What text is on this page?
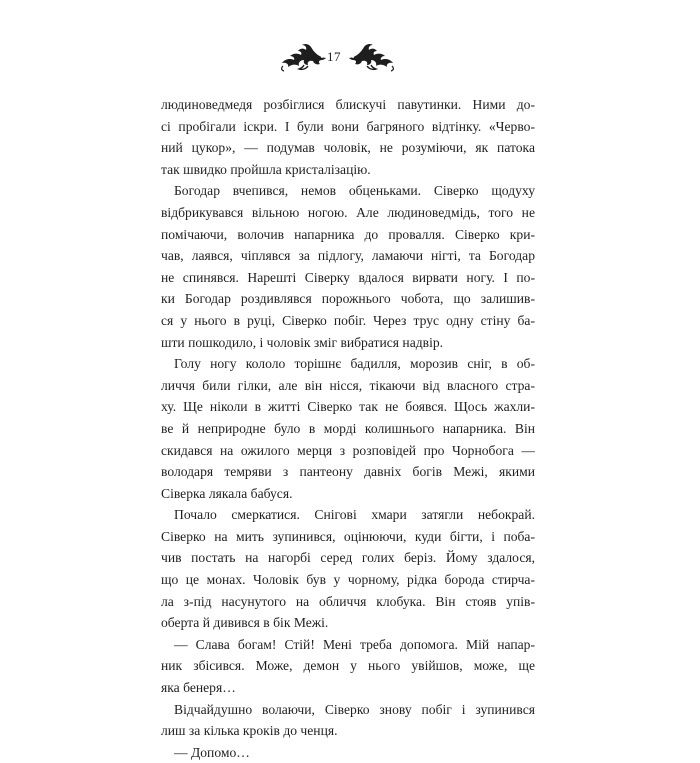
17
людиноведмедя розбіглися блискучі павутинки. Ними до-
сі пробігали іскри. І були вони багряного відтінку. «Черво-
ний цукор», — подумав чоловік, не розуміючи, як патока
так швидко пройшла кристалізацію.
Богодар вчепився, немов обценьками. Сіверко щодуху
відбрикувався вільною ногою. Але людиноведмідь, того не
помічаючи, волочив напарника до провалля. Сіверко кри-
чав, лаявся, чіплявся за підлогу, ламаючи нігті, та Богодар
не спинявся. Нарешті Сіверку вдалося вирвати ногу. І по-
ки Богодар роздивлявся порожнього чобота, що залишив-
ся у нього в руці, Сіверко побіг. Через трус одну стіну ба-
шти пошкодило, і чоловік зміг вибратися надвір.
Голу ногу кололо торішнє бадилля, морозив сніг, в об-
личчя били гілки, але він нісся, тікаючи від власного стра-
ху. Ще ніколи в житті Сіверко так не боявся. Щось жахли-
ве й неприродне було в морді колишнього напарника. Він
скидався на ожилого мерця з розповідей про Чорнобога —
володаря темряви з пантеону давніх богів Межі, якими
Сіверка лякала бабуся.
Почало смеркатися. Снігові хмари затягли небокрай.
Сіверко на мить зупинився, оцінюючи, куди бігти, і поба-
чив постать на нагорбі серед голих беріз. Йому здалося,
що це монах. Чоловік був у чорному, рідка борода стирча-
ла з-під насунутого на обличчя клобука. Він стояв упів-
оберта й дивився в бік Межі.
— Слава богам! Стій! Мені треба допомога. Мій напар-
ник збісився. Може, демон у нього увійшов, може, ще
яка бенеря…
Відчайдушно волаючи, Сіверко знову побіг і зупинився
лиш за кілька кроків до ченця.
— Допомо…
